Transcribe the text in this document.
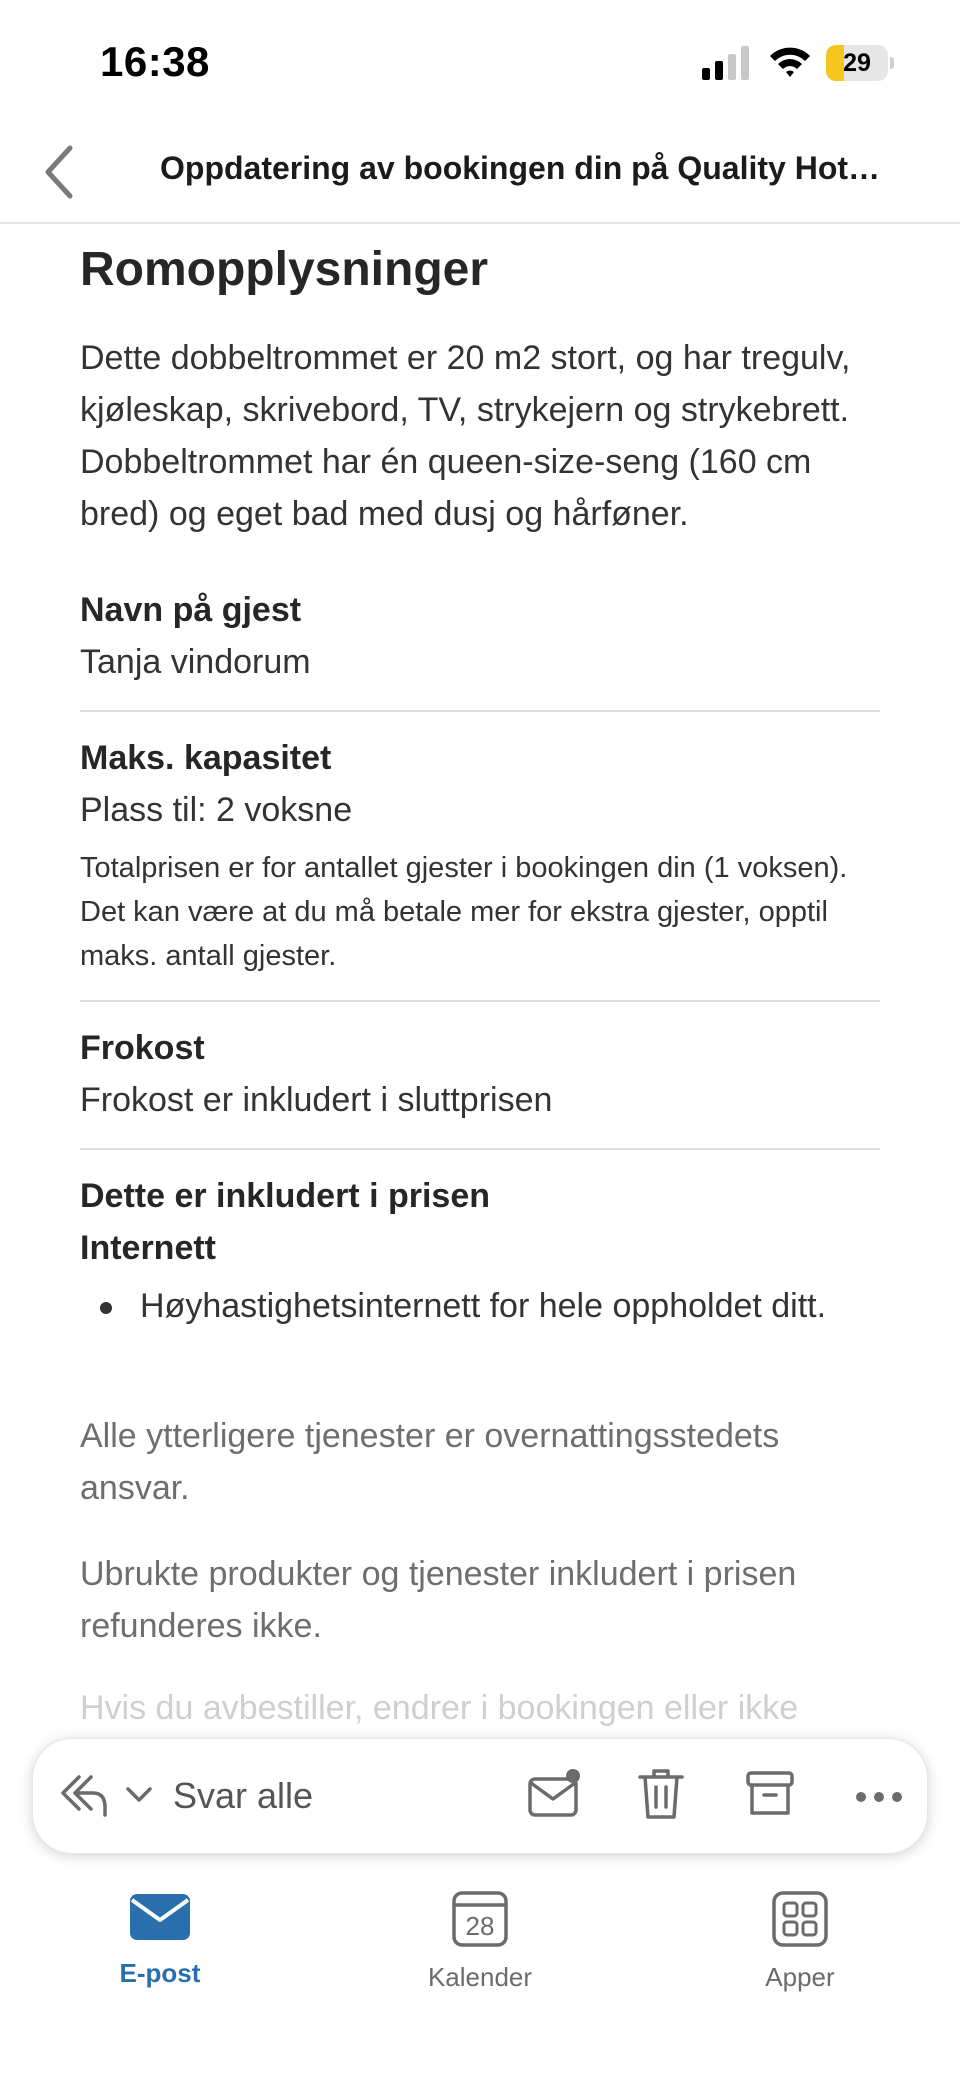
16:38	29
Oppdatering av bookingen din på Quality Hot…
Romopplysninger

Dette dobbeltrommet er 20 m2 stort, og har tregulv, kjøleskap, skrivebord, TV, strykejern og strykebrett. Dobbeltrommet har én queen-size-seng (160 cm bred) og eget bad med dusj og hårføner.

Navn på gjest
Tanja vindorum
Maks. kapasitet
Plass til: 2 voksne
Totalprisen er for antallet gjester i bookingen din (1 voksen). Det kan være at du må betale mer for ekstra gjester, opptil maks. antall gjester.
Frokost
Frokost er inkludert i sluttprisen
Dette er inkludert i prisen
Internett
Høyhastighetsinternett for hele oppholdet ditt.

Alle ytterligere tjenester er overnattingsstedets ansvar.

Ubrukte produkter og tjenester inkludert i prisen refunderes ikke.

Hvis du avbestiller, endrer i bookingen eller ikke

Svar alle
E-post
28
Kalender	Apper
